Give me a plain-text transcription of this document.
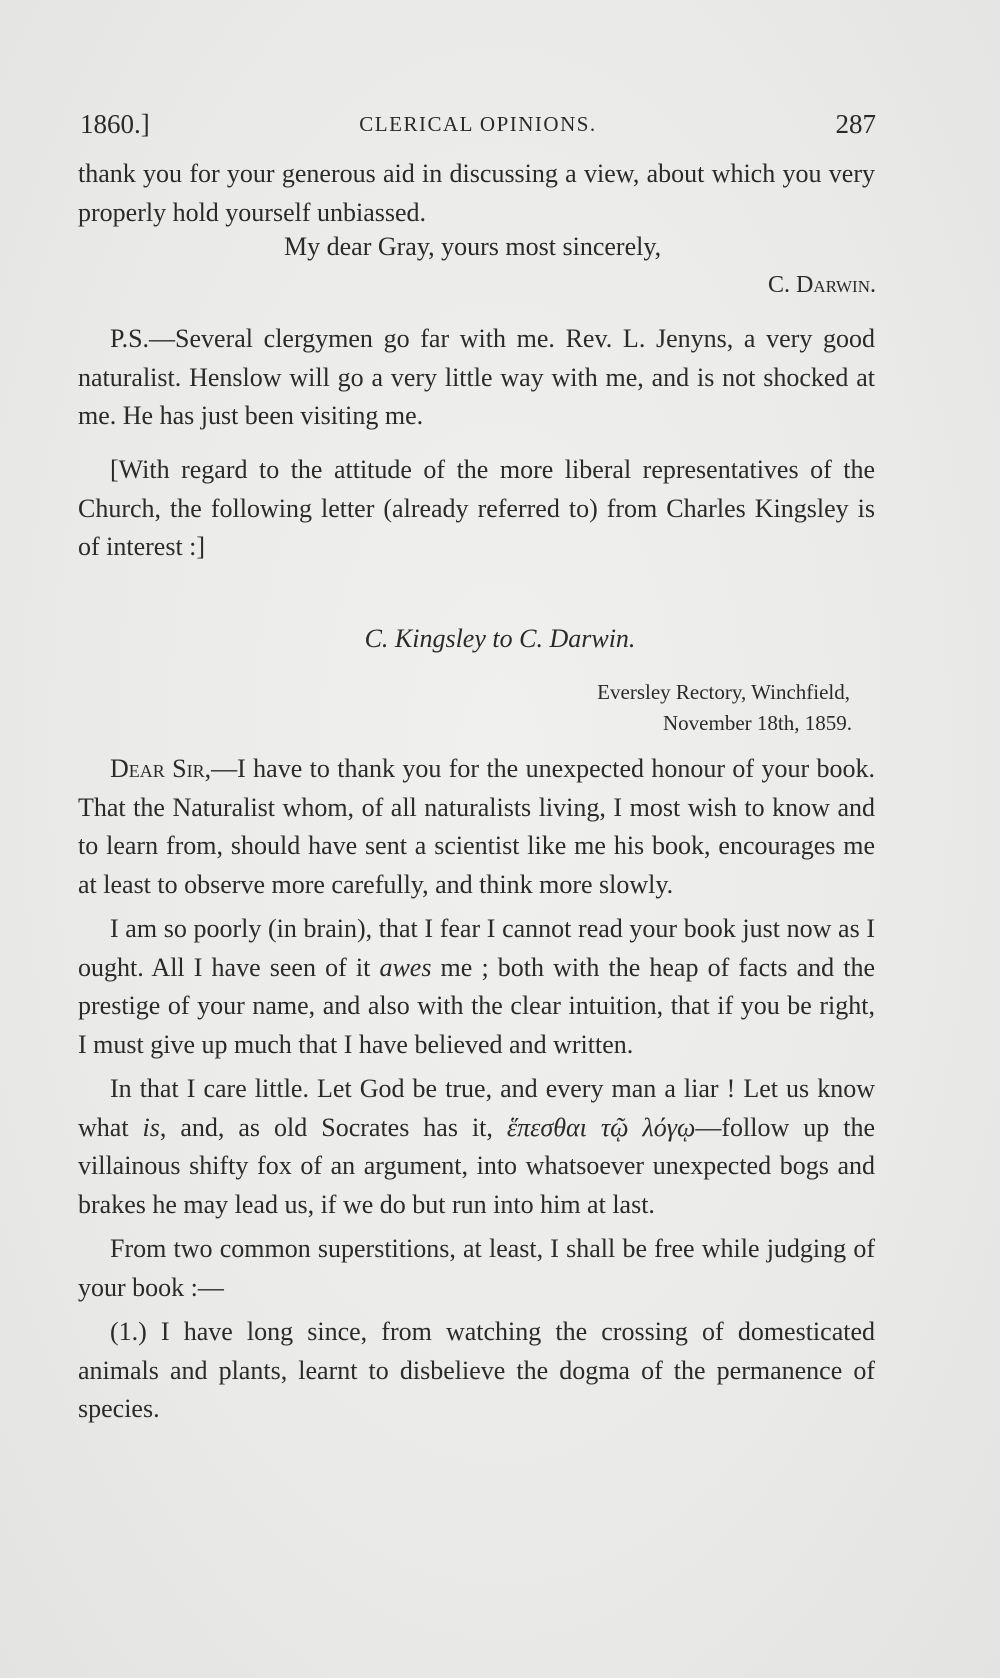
1860.]	CLERICAL OPINIONS.	287

thank you for your generous aid in discussing a view, about which you very properly hold yourself unbiassed.

My dear Gray, yours most sincerely,
C. Darwin.

P.S.—Several clergymen go far with me. Rev. L. Jenyns, a very good naturalist. Henslow will go a very little way with me, and is not shocked at me. He has just been visiting me.

[With regard to the attitude of the more liberal representatives of the Church, the following letter (already referred to) from Charles Kingsley is of interest :]

C. Kingsley to C. Darwin.
Eversley Rectory, Winchfield,
November 18th, 1859.

Dear Sir,—I have to thank you for the unexpected honour of your book. That the Naturalist whom, of all naturalists living, I most wish to know and to learn from, should have sent a scientist like me his book, encourages me at least to observe more carefully, and think more slowly.

I am so poorly (in brain), that I fear I cannot read your book just now as I ought. All I have seen of it awes me ; both with the heap of facts and the prestige of your name, and also with the clear intuition, that if you be right, I must give up much that I have believed and written.

In that I care little. Let God be true, and every man a liar ! Let us know what is, and, as old Socrates has it, ἕπεσθαι τῷ λόγῳ—follow up the villainous shifty fox of an argument, into whatsoever unexpected bogs and brakes he may lead us, if we do but run into him at last.

From two common superstitions, at least, I shall be free while judging of your book :—

(1.) I have long since, from watching the crossing of domesticated animals and plants, learnt to disbelieve the dogma of the permanence of species.
